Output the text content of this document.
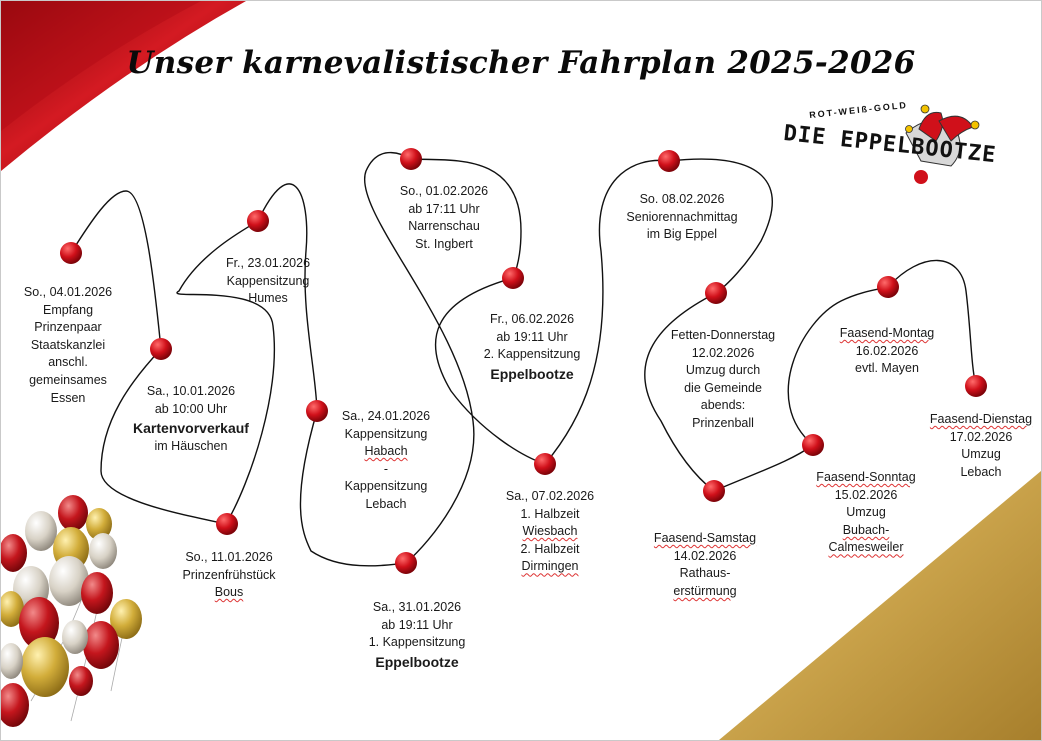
Unser karnevalistischer Fahrplan 2025-2026
ROT-WEIß-GOLD
DIE EPPELBOOTZE
So., 04.01.2026
Empfang
Prinzenpaar
Staatskanzlei
anschl.
gemeinsames
Essen	Sa., 10.01.2026
ab 10:00 Uhr
Kartenvorverkauf
im Häuschen
So., 11.01.2026
Prinzenfrühstück
Bous
Fr., 23.01.2026
Kappensitzung
Humes
Sa., 24.01.2026
Kappensitzung
Habach
-
Kappensitzung
Lebach
Sa., 31.01.2026
ab 19:11 Uhr
1. Kappensitzung
Eppelbootze
So., 01.02.2026
ab 17:11 Uhr
Narrenschau
St. Ingbert
Fr., 06.02.2026
ab 19:11 Uhr
2. Kappensitzung
Eppelbootze
Sa., 07.02.2026
1. Halbzeit
Wiesbach
2. Halbzeit
Dirmingen
So. 08.02.2026
Seniorennachmittag
im Big Eppel
Fetten-Donnerstag
12.02.2026
Umzug durch
die Gemeinde
abends:
Prinzenball
Faasend-Samstag
14.02.2026
Rathaus-
erstürmung
Faasend-Sonntag
15.02.2026
Umzug
Bubach-
Calmesweiler
Faasend-Montag
16.02.2026
evtl. Mayen
Faasend-Dienstag
17.02.2026
Umzug
Lebach
